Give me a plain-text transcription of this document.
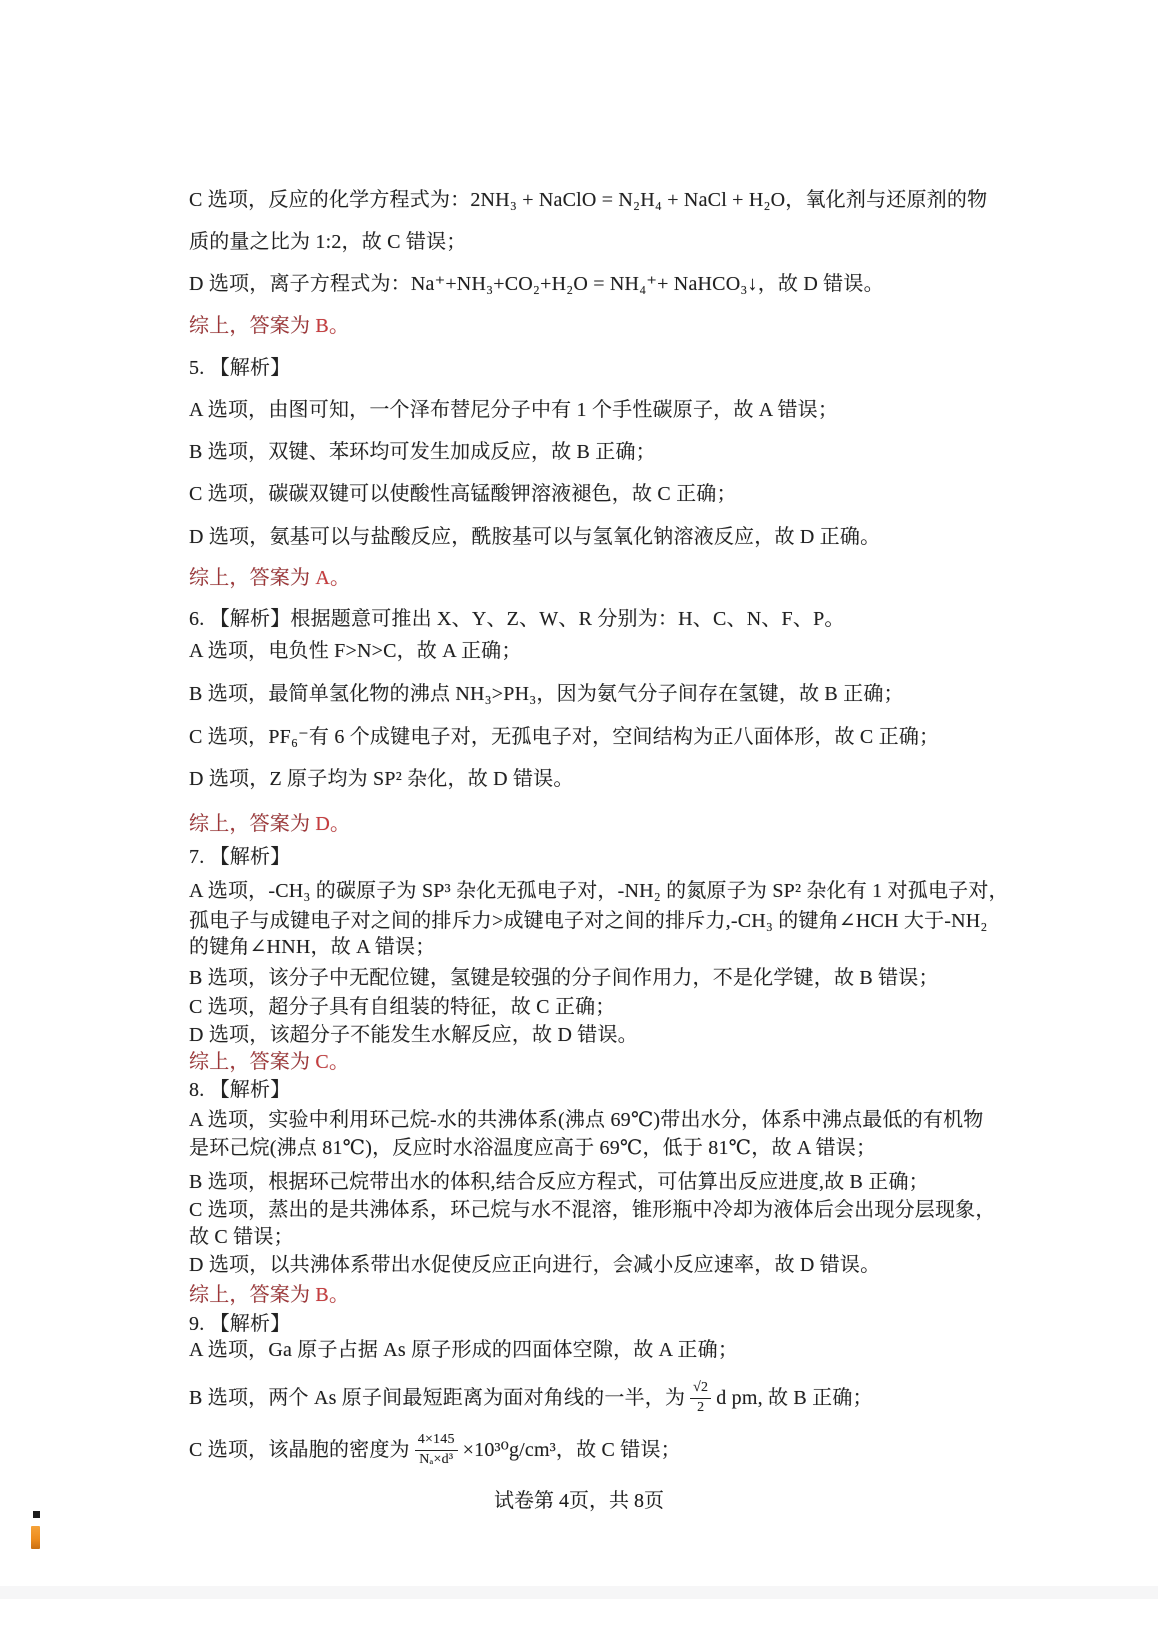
C 选项，反应的化学方程式为：2NH₃ + NaClO = N₂H₄ + NaCl + H₂O，氧化剂与还原剂的物
质的量之比为 1:2，故 C 错误；
D 选项，离子方程式为：Na⁺+NH₃+CO₂+H₂O = NH₄⁺+ NaHCO₃↓，故 D 错误。
综上，答案为 B。
5. 【解析】
A 选项，由图可知，一个泽布替尼分子中有 1 个手性碳原子，故 A 错误；
B 选项，双键、苯环均可发生加成反应，故 B 正确；
C 选项，碳碳双键可以使酸性高锰酸钾溶液褪色，故 C 正确；
D 选项，氨基可以与盐酸反应，酰胺基可以与氢氧化钠溶液反应，故 D 正确。
综上，答案为 A。
6. 【解析】根据题意可推出 X、Y、Z、W、R 分别为：H、C、N、F、P。
A 选项，电负性 F>N>C，故 A 正确；
B 选项，最简单氢化物的沸点 NH₃>PH₃，因为氨气分子间存在氢键，故 B 正确；
C 选项，PF₆⁻有 6 个成键电子对，无孤电子对，空间结构为正八面体形，故 C 正确；
D 选项，Z 原子均为 SP² 杂化，故 D 错误。
综上，答案为 D。
7. 【解析】
A 选项，-CH₃ 的碳原子为 SP³ 杂化无孤电子对，-NH₂ 的氮原子为 SP² 杂化有 1 对孤电子对，
孤电子与成键电子对之间的排斥力>成键电子对之间的排斥力,-CH₃ 的键角∠HCH 大于-NH₂
的键角∠HNH，故 A 错误；
B 选项，该分子中无配位键，氢键是较强的分子间作用力，不是化学键，故 B 错误；
C 选项，超分子具有自组装的特征，故 C 正确；
D 选项，该超分子不能发生水解反应，故 D 错误。
综上，答案为 C。
8. 【解析】
A 选项，实验中利用环己烷-水的共沸体系(沸点 69℃)带出水分，体系中沸点最低的有机物
是环己烷(沸点 81℃)，反应时水浴温度应高于 69℃，低于 81℃，故 A 错误；
B 选项，根据环己烷带出水的体积,结合反应方程式，可估算出反应进度,故 B 正确；
C 选项，蒸出的是共沸体系，环己烷与水不混溶，锥形瓶中冷却为液体后会出现分层现象，
故 C 错误；
D 选项，以共沸体系带出水促使反应正向进行，会减小反应速率，故 D 错误。
综上，答案为 B。
9. 【解析】
A 选项，Ga 原子占据 As 原子形成的四面体空隙，故 A 正确；
B 选项，两个 As 原子间最短距离为面对角线的一半，为 $\frac{√2}{2}$ d pm, 故 B 正确；
C 选项，该晶胞的密度为 $\frac{4\times 145}{\text{Nₐ×d³}} \times 10^{30}g/cm^3$，故 C 错误；
试卷第 4页，共 8页
